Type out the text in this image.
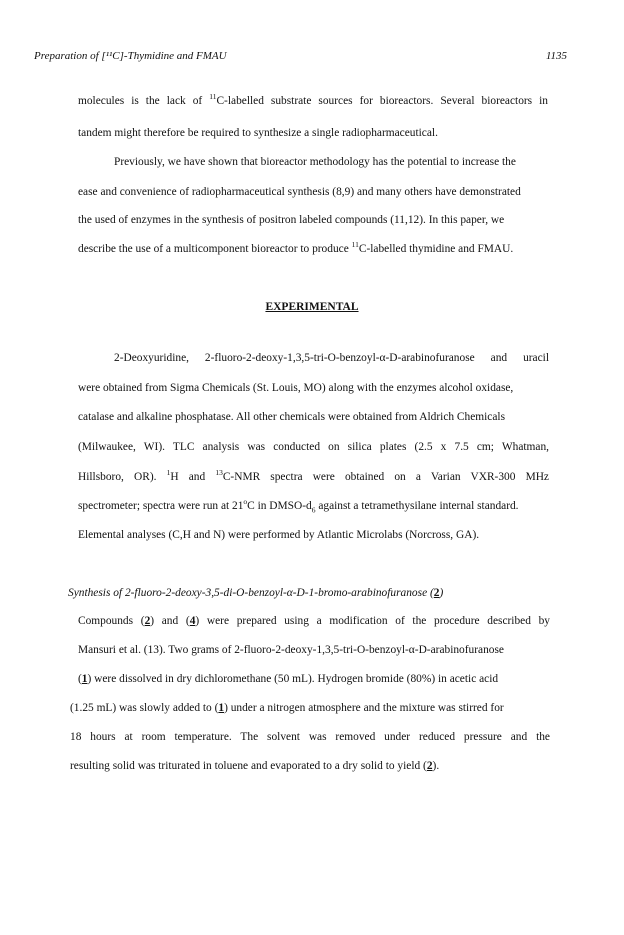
Preparation of [¹¹C]-Thymidine and FMAU	1135
molecules is the lack of $^{11}$C-labelled substrate sources for bioreactors. Several bioreactors in
tandem might therefore be required to synthesize a single radiopharmaceutical.
Previously, we have shown that bioreactor methodology has the potential to increase the
ease and convenience of radiopharmaceutical synthesis (8,9) and many others have demonstrated
the used of enzymes in the synthesis of positron labeled compounds (11,12). In this paper, we
describe the use of a multicomponent bioreactor to produce $^{11}$C-labelled thymidine and FMAU.
EXPERIMENTAL
2-Deoxyuridine, 2-fluoro-2-deoxy-1,3,5-tri-O-benzoyl-α-D-arabinofuranose and uracil
were obtained from Sigma Chemicals (St. Louis, MO) along with the enzymes alcohol oxidase,
catalase and alkaline phosphatase. All other chemicals were obtained from Aldrich Chemicals
(Milwaukee, WI). TLC analysis was conducted on silica plates (2.5 x 7.5 cm; Whatman,
Hillsboro, OR). $^1$H and $^{13}$C-NMR spectra were obtained on a Varian VXR-300 MHz
spectrometer; spectra were run at 21$^o$C in DMSO-$d_6$ against a tetramethysilane internal standard.
Elemental analyses (C,H and N) were performed by Atlantic Microlabs (Norcross, GA).
Synthesis of 2-fluoro-2-deoxy-3,5-di-O-benzoyl-α-D-1-bromo-arabinofuranose (2)
Compounds (2) and (4) were prepared using a modification of the procedure described by
Mansuri et al. (13). Two grams of 2-fluoro-2-deoxy-1,3,5-tri-O-benzoyl-α-D-arabinofuranose
(1) were dissolved in dry dichloromethane (50 mL). Hydrogen bromide (80%) in acetic acid
(1.25 mL) was slowly added to (1) under a nitrogen atmosphere and the mixture was stirred for
18 hours at room temperature. The solvent was removed under reduced pressure and the
resulting solid was triturated in toluene and evaporated to a dry solid to yield (2).
